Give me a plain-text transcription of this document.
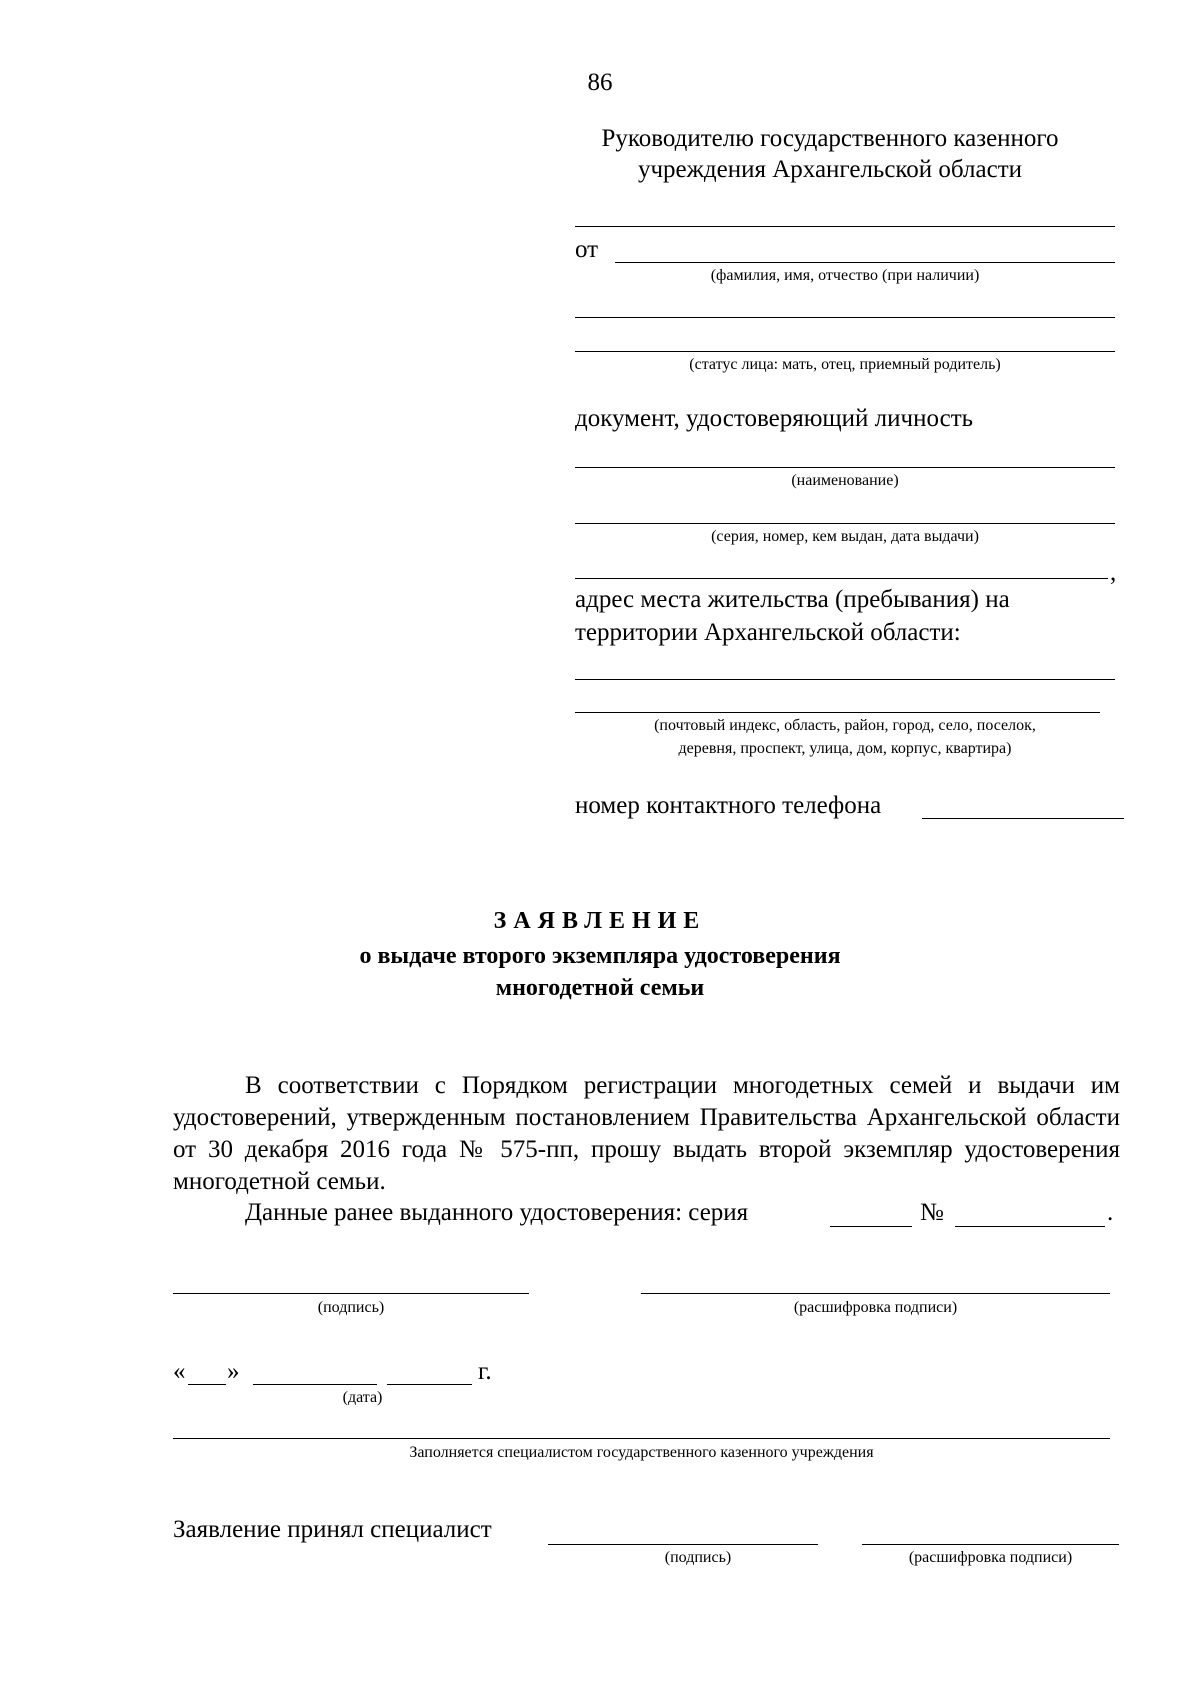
86
Руководителю государственного казенного
учреждения Архангельской области
от
(фамилия, имя, отчество (при наличии)
(статус лица: мать, отец, приемный родитель)
документ, удостоверяющий личность
(наименование)
(серия, номер, кем выдан, дата выдачи)
,
адрес места жительства (пребывания) на
территории Архангельской области:
(почтовый индекс, область, район, город, село, поселок,
деревня, проспект, улица, дом, корпус, квартира)
номер контактного телефона
ЗАЯВЛЕНИЕ
о выдаче второго экземпляра удостоверения
многодетной семьи
В соответствии с Порядком регистрации многодетных семей и выдачи им удостоверений, утвержденным постановлением Правительства Архангельской области от 30 декабря 2016 года № 575-пп, прошу выдать второй экземпляр удостоверения многодетной семьи.
Данные ранее выданного удостоверения: серия	№	.
(подпись)	(расшифровка подписи)
« »	г.
(дата)
Заполняется специалистом государственного казенного учреждения
Заявление принял специалист
(подпись)	(расшифровка подписи)
